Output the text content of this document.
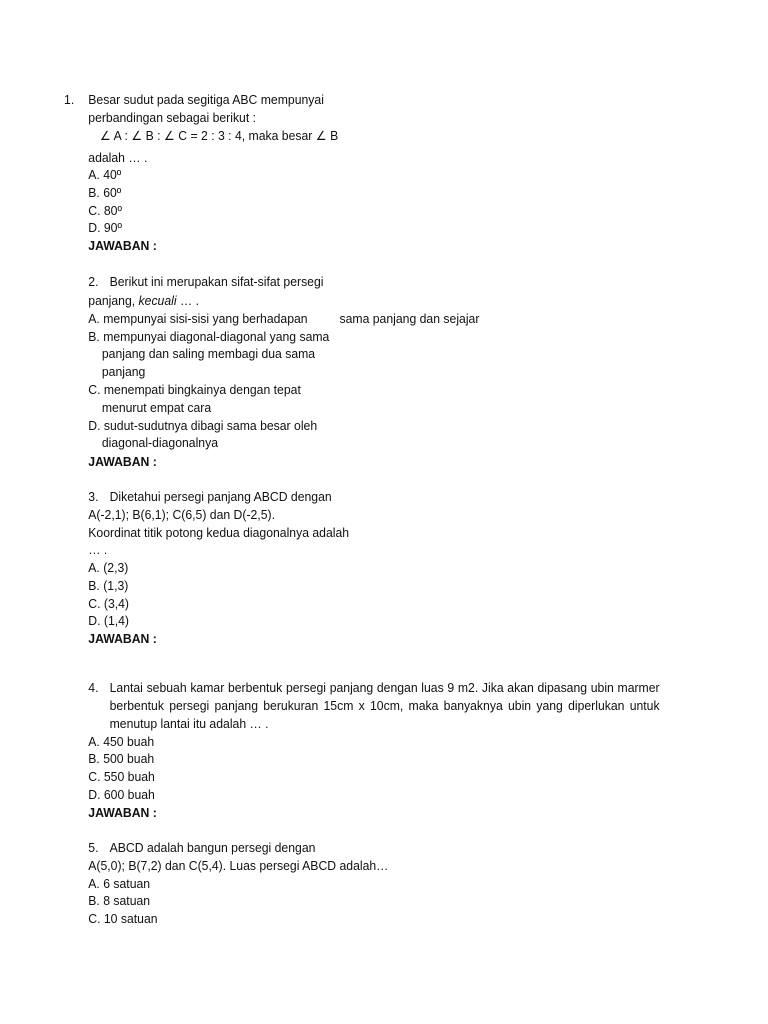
1. Besar sudut pada segitiga ABC mempunyai
perbandingan sebagai berikut :
∠ A : ∠ B : ∠ C = 2 : 3 : 4, maka besar ∠ B
adalah … .
A. 40º
B. 60º
C. 80º
D. 90º
JAWABAN :
2. Berikut ini merupakan sifat-sifat persegi
panjang, kecuali … .
A. mempunyai sisi-sisi yang berhadapan	sama panjang dan sejajar
B. mempunyai diagonal-diagonal yang sama
panjang dan saling membagi dua sama
panjang
C. menempati bingkainya dengan tepat
menurut empat cara
D. sudut-sudutnya dibagi sama besar oleh
diagonal-diagonalnya
JAWABAN :
3. Diketahui persegi panjang ABCD dengan
A(-2,1); B(6,1); C(6,5) dan D(-2,5).
Koordinat titik potong kedua diagonalnya adalah
… .
A. (2,3)
B. (1,3)
C. (3,4)
D. (1,4)
JAWABAN :
4. Lantai sebuah kamar berbentuk persegi panjang dengan luas 9 m2. Jika akan dipasang ubin marmer
berbentuk persegi panjang berukuran 15cm x 10cm, maka banyaknya ubin yang diperlukan untuk
menutup lantai itu adalah … .
A. 450 buah
B. 500 buah
C. 550 buah
D. 600 buah
JAWABAN :
5. ABCD adalah bangun persegi dengan
A(5,0); B(7,2) dan C(5,4). Luas persegi ABCD adalah…
A. 6 satuan
B. 8 satuan
C. 10 satuan
